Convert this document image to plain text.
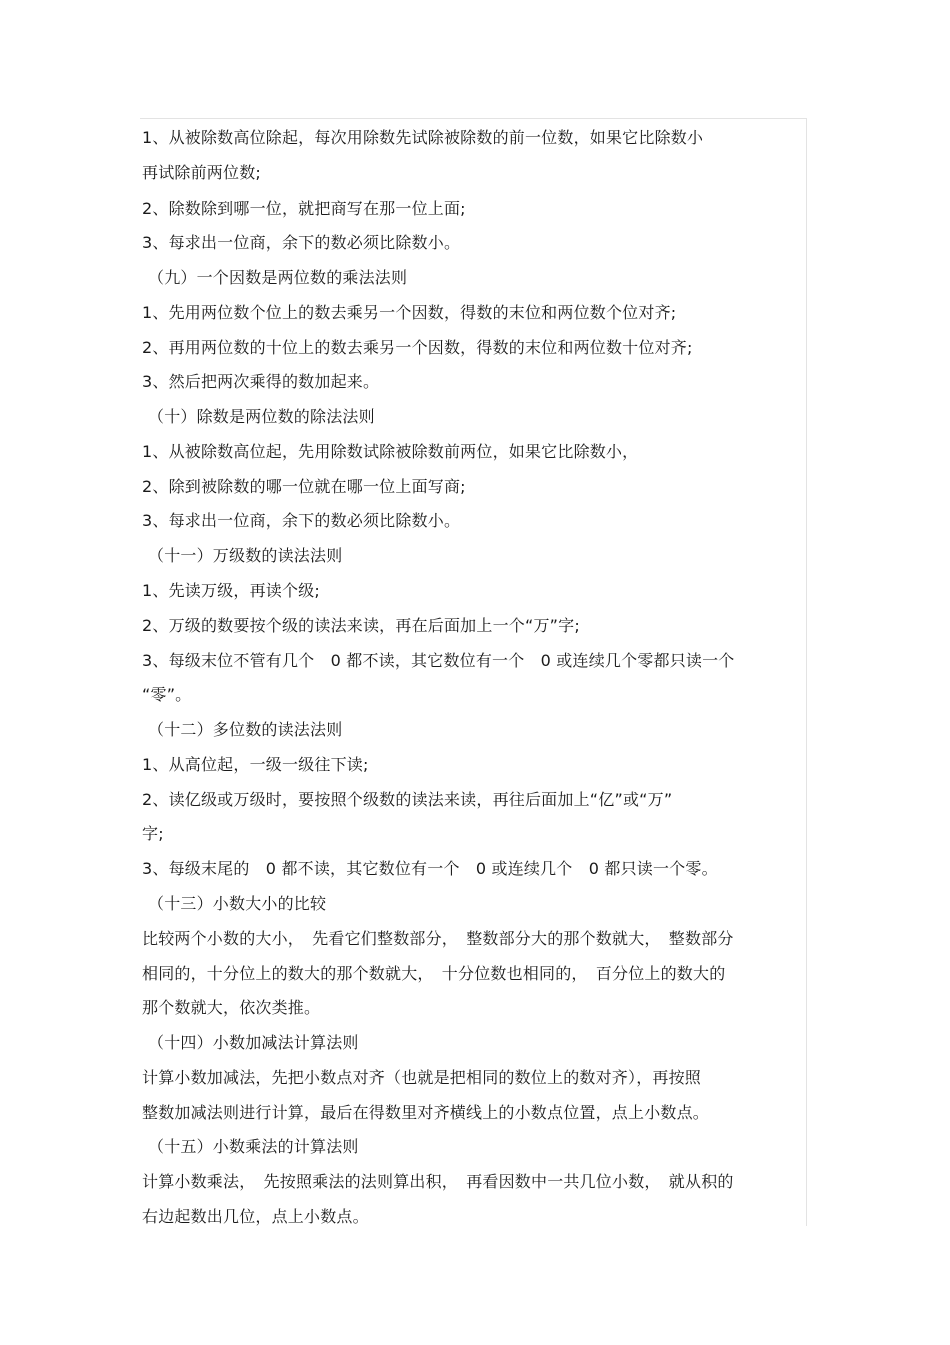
1、从被除数高位除起，每次用除数先试除被除数的前一位数，如果它比除数小
再试除前两位数;
2、除数除到哪一位，就把商写在那一位上面;
3、每求出一位商，余下的数必须比除数小。
（九）一个因数是两位数的乘法法则
1、先用两位数个位上的数去乘另一个因数，得数的末位和两位数个位对齐;
2、再用两位数的十位上的数去乘另一个因数，得数的末位和两位数十位对齐;
3、然后把两次乘得的数加起来。
（十）除数是两位数的除法法则
1、从被除数高位起，先用除数试除被除数前两位，如果它比除数小，
2、除到被除数的哪一位就在哪一位上面写商;
3、每求出一位商，余下的数必须比除数小。
（十一）万级数的读法法则
1、先读万级，再读个级;
2、万级的数要按个级的读法来读，再在后面加上一个“万”字;
3、每级末位不管有几个　0 都不读，其它数位有一个　0 或连续几个零都只读一个
“零”。
（十二）多位数的读法法则
1、从高位起，一级一级往下读;
2、读亿级或万级时，要按照个级数的读法来读，再往后面加上“亿”或“万”
字;
3、每级末尾的　0 都不读，其它数位有一个　0 或连续几个　0 都只读一个零。
（十三）小数大小的比较
比较两个小数的大小，　先看它们整数部分，　整数部分大的那个数就大，　整数部分
相同的，十分位上的数大的那个数就大，　十分位数也相同的，　百分位上的数大的
那个数就大，依次类推。
（十四）小数加减法计算法则
计算小数加减法，先把小数点对齐（也就是把相同的数位上的数对齐），再按照
整数加减法则进行计算，最后在得数里对齐横线上的小数点位置，点上小数点。
（十五）小数乘法的计算法则
计算小数乘法，　先按照乘法的法则算出积，　再看因数中一共几位小数，　就从积的
右边起数出几位，点上小数点。
